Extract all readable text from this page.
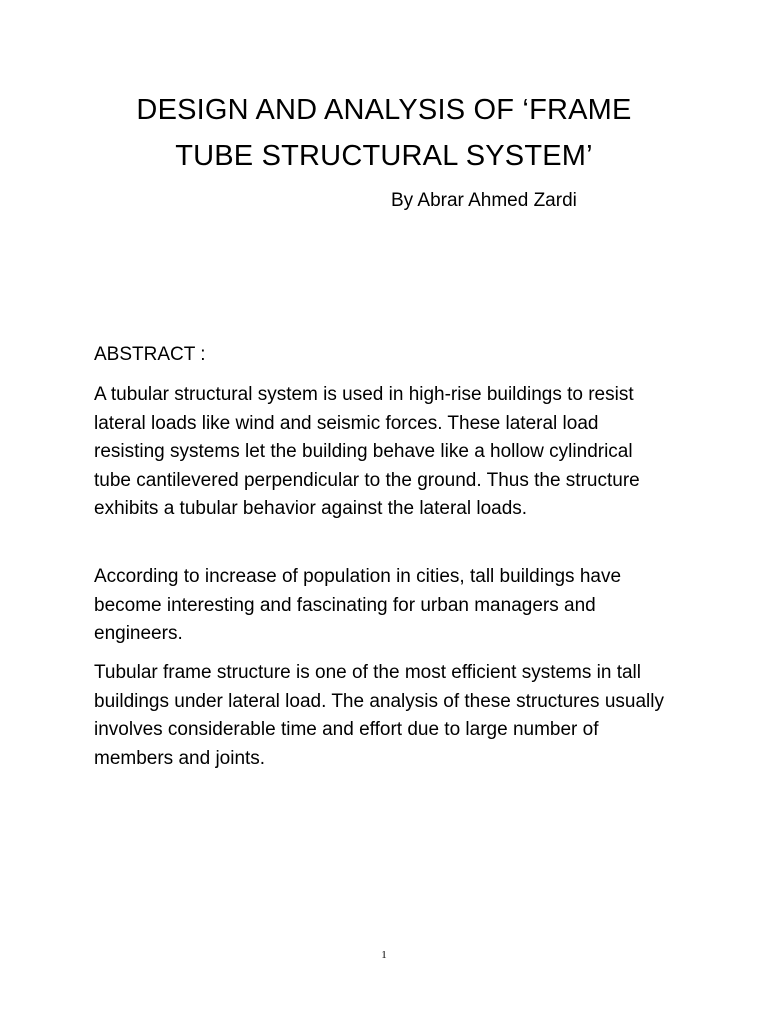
DESIGN AND ANALYSIS OF ‘FRAME
TUBE STRUCTURAL SYSTEM’
By Abrar Ahmed Zardi
ABSTRACT :
A tubular structural system is used in high-rise buildings to resist lateral loads like wind and seismic forces. These lateral load resisting systems let the building behave like a hollow cylindrical tube cantilevered perpendicular to the ground. Thus the structure exhibits a tubular behavior against the lateral loads.
According to increase of population in cities, tall buildings have become interesting and fascinating for urban managers and engineers.
Tubular frame structure is one of the most efficient systems in tall buildings under lateral load. The analysis of these structures usually involves considerable time and effort due to large number of members and joints.
1
